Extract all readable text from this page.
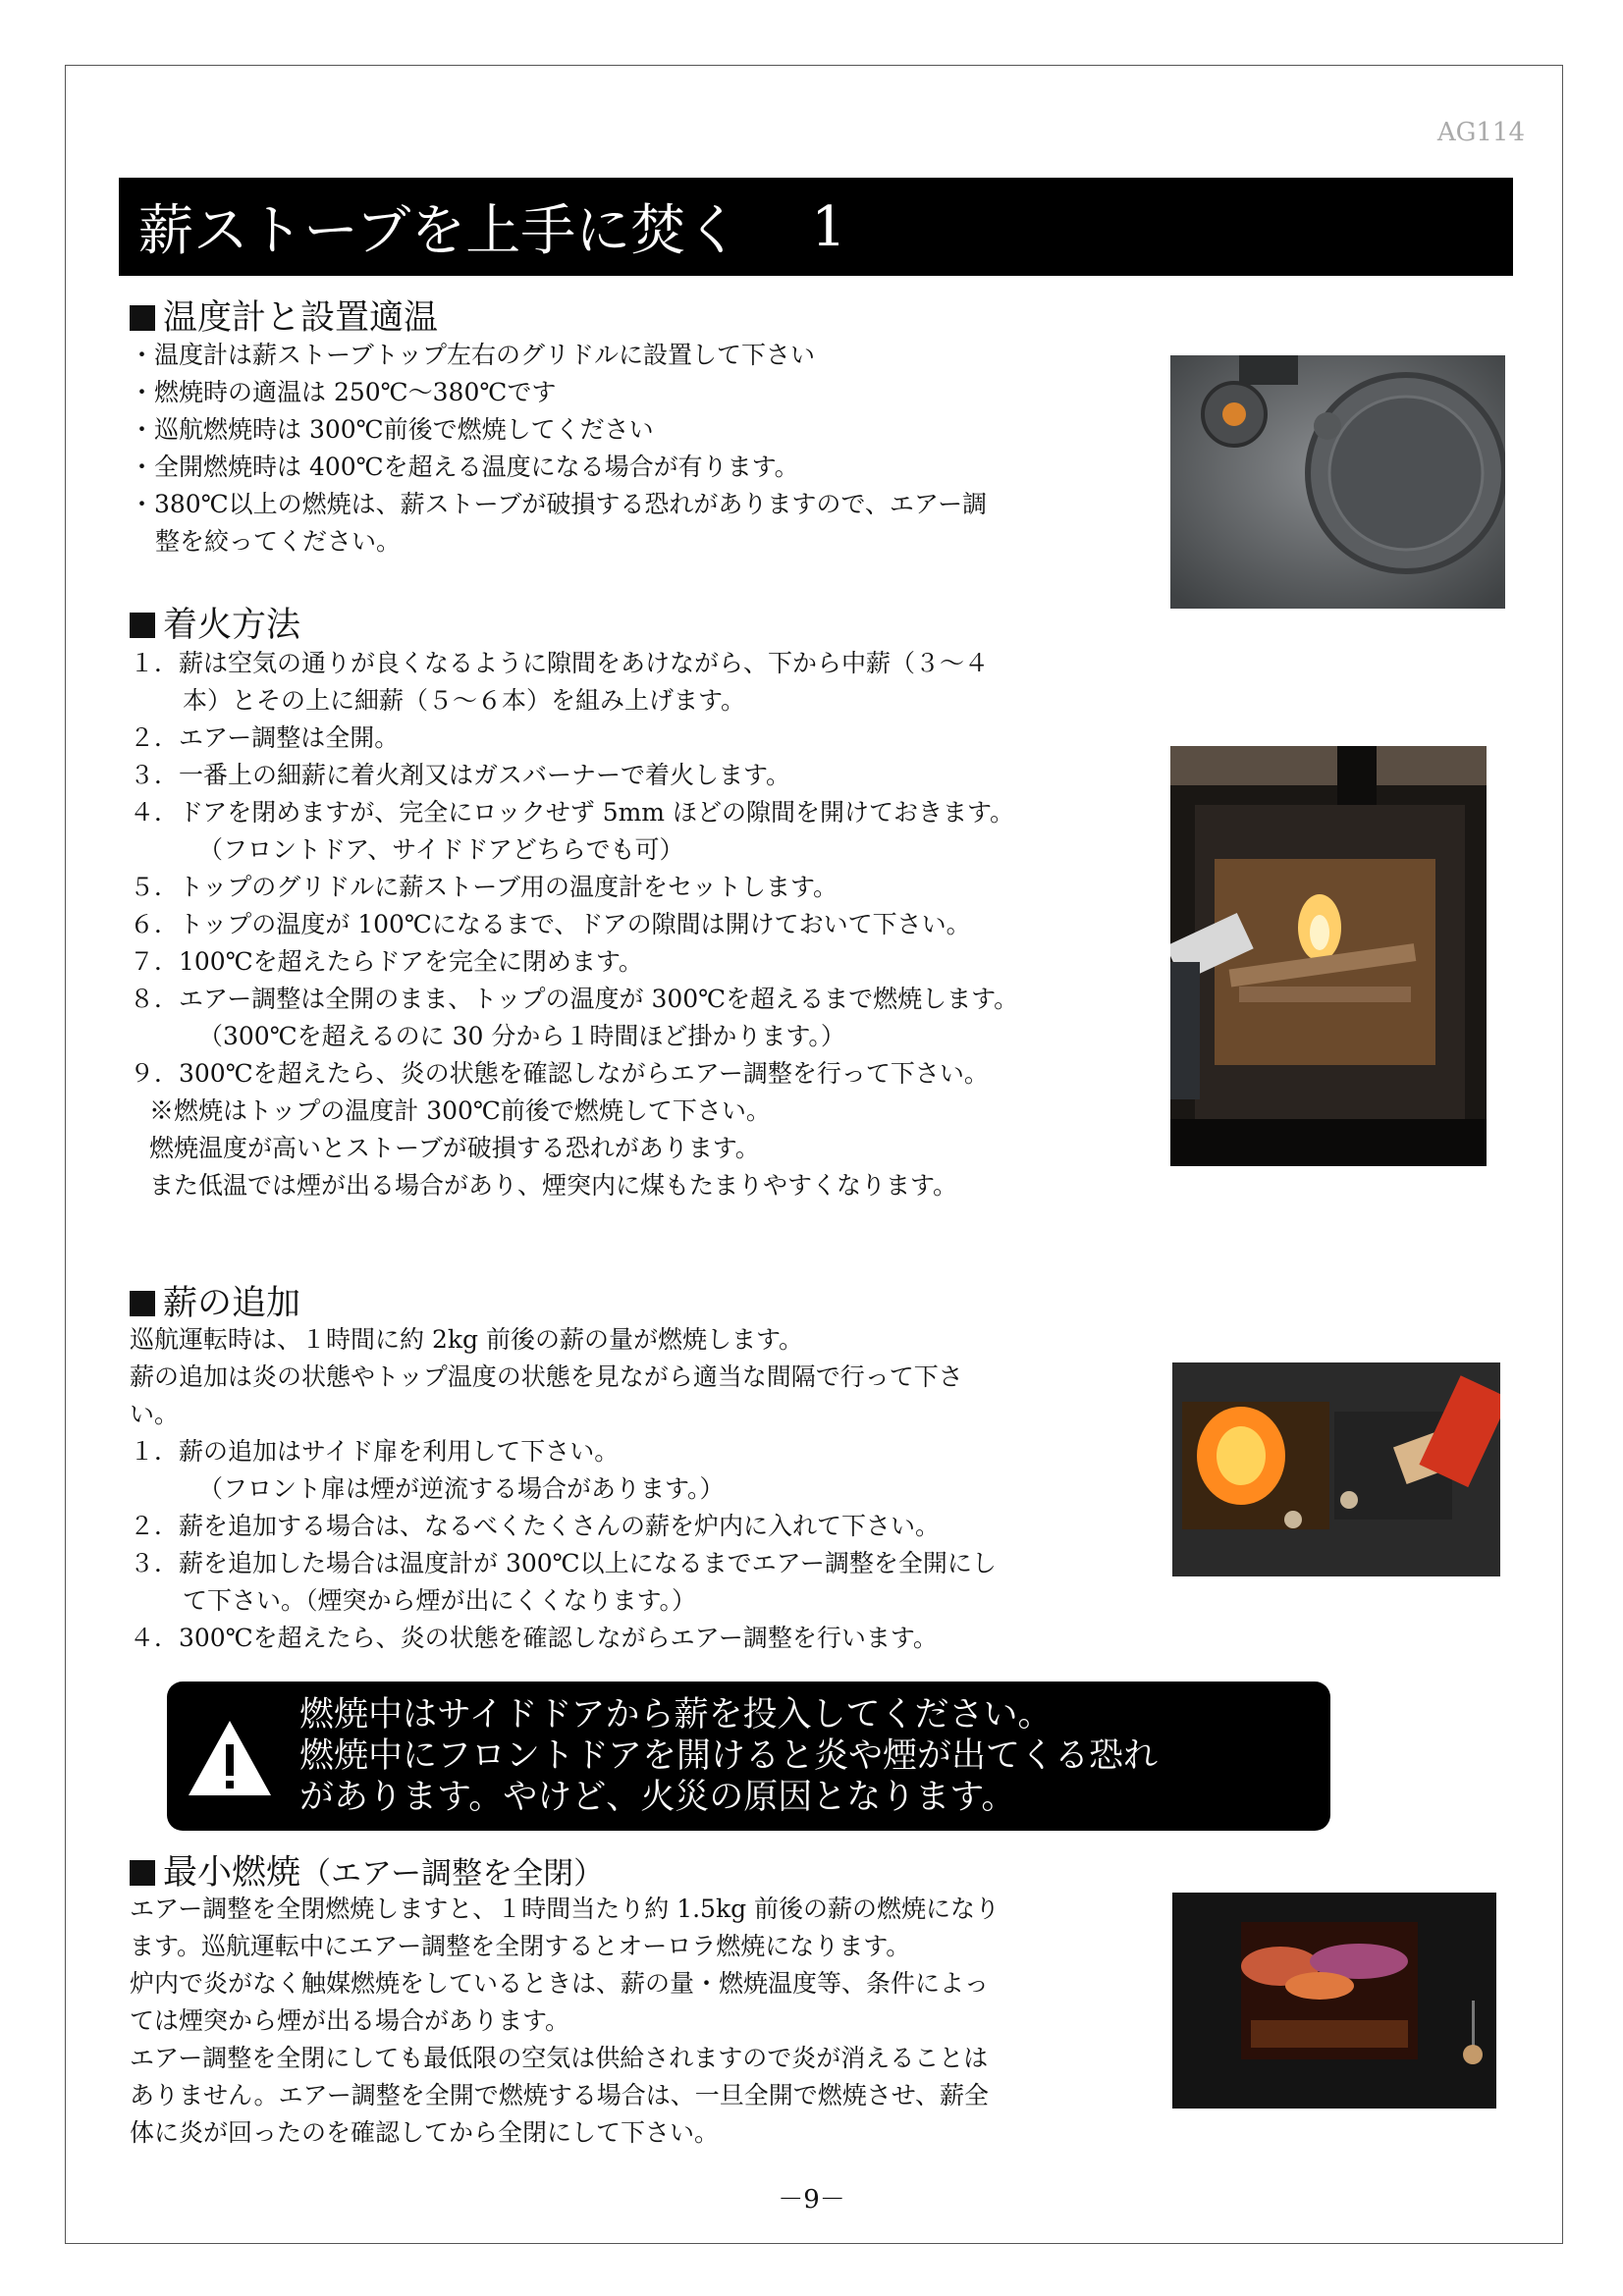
AG114
薪ストーブを上手に焚く 1
温度計と設置適温
・温度計は薪ストーブトップ左右のグリドルに設置して下さい
・燃焼時の適温は 250℃～380℃です
・巡航燃焼時は 300℃前後で燃焼してください
・全開燃焼時は 400℃を超える温度になる場合が有ります。
・380℃以上の燃焼は、薪ストーブが破損する恐れがありますので、エアー調
整を絞ってください。
着火方法
１．薪は空気の通りが良くなるように隙間をあけながら、下から中薪（３～４
本）とその上に細薪（５～６本）を組み上げます。
２．エアー調整は全開。
３．一番上の細薪に着火剤又はガスバーナーで着火します。
４．ドアを閉めますが、完全にロックせず 5mm ほどの隙間を開けておきます。
（フロントドア、サイドドアどちらでも可）
５．トップのグリドルに薪ストーブ用の温度計をセットします。
６．トップの温度が 100℃になるまで、ドアの隙間は開けておいて下さい。
７．100℃を超えたらドアを完全に閉めます。
８．エアー調整は全開のまま、トップの温度が 300℃を超えるまで燃焼します。
（300℃を超えるのに 30 分から１時間ほど掛かります。）
９．300℃を超えたら、炎の状態を確認しながらエアー調整を行って下さい。
※燃焼はトップの温度計 300℃前後で燃焼して下さい。
燃焼温度が高いとストーブが破損する恐れがあります。
また低温では煙が出る場合があり、煙突内に煤もたまりやすくなります。
薪の追加
巡航運転時は、１時間に約 2kg 前後の薪の量が燃焼します。
薪の追加は炎の状態やトップ温度の状態を見ながら適当な間隔で行って下さ
い。
１．薪の追加はサイド扉を利用して下さい。
（フロント扉は煙が逆流する場合があります。）
２．薪を追加する場合は、なるべくたくさんの薪を炉内に入れて下さい。
３．薪を追加した場合は温度計が 300℃以上になるまでエアー調整を全開にし
て下さい。（煙突から煙が出にくくなります。）
４．300℃を超えたら、炎の状態を確認しながらエアー調整を行います。
燃焼中はサイドドアから薪を投入してください。
燃焼中にフロントドアを開けると炎や煙が出てくる恐れ
があります。やけど、火災の原因となります。
最小燃焼（エアー調整を全閉）
エアー調整を全閉燃焼しますと、１時間当たり約 1.5kg 前後の薪の燃焼になり
ます。巡航運転中にエアー調整を全閉するとオーロラ燃焼になります。
炉内で炎がなく触媒燃焼をしているときは、薪の量・燃焼温度等、条件によっ
ては煙突から煙が出る場合があります。
エアー調整を全閉にしても最低限の空気は供給されますので炎が消えることは
ありません。エアー調整を全開で燃焼する場合は、一旦全開で燃焼させ、薪全
体に炎が回ったのを確認してから全閉にして下さい。
－9－
